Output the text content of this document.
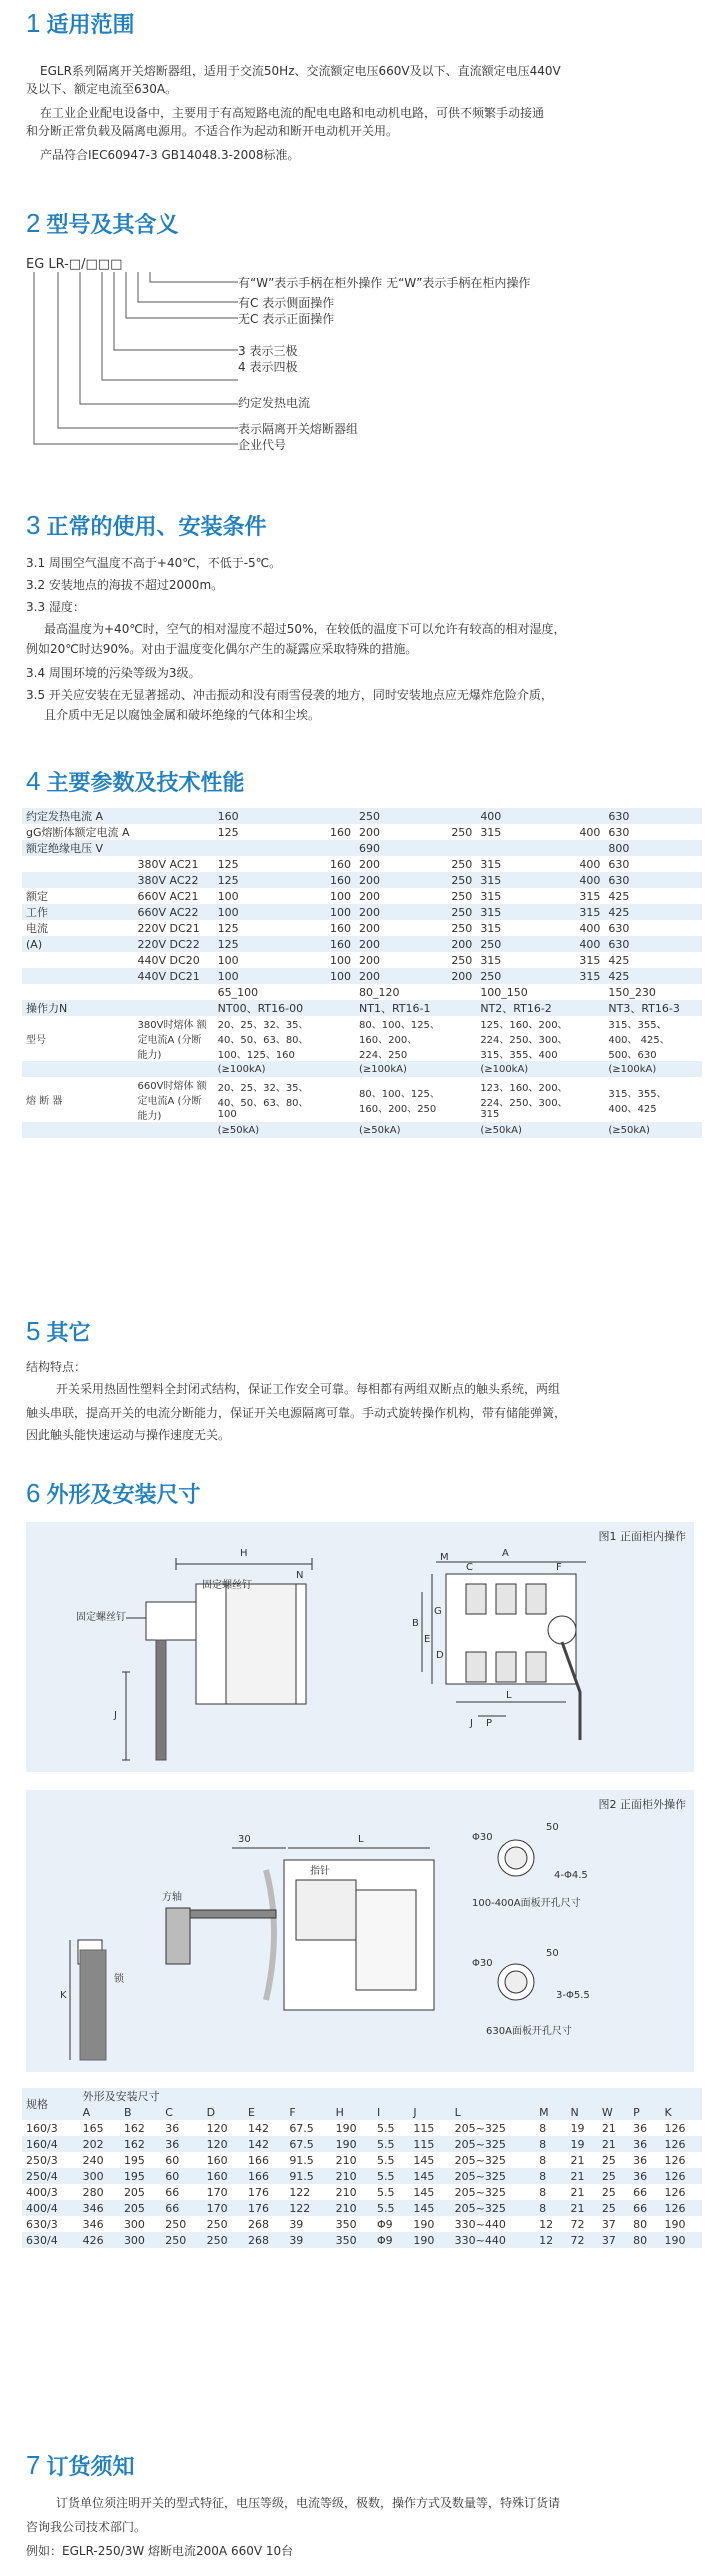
1 适用范围
EGLR系列隔离开关熔断器组，适用于交流50Hz、交流额定电压660V及以下、直流额定电压440V
及以下、额定电流至630A。
在工业企业配电设备中，主要用于有高短路电流的配电电路和电动机电路，可供不频繁手动接通
和分断正常负载及隔离电源用。不适合作为起动和断开电动机开关用。
产品符合IEC60947-3 GB14048.3-2008标准。
2 型号及其含义
EG LR-□/□□□
有“W”表示手柄在柜外操作 无“W”表示手柄在柜内操作
有C 表示侧面操作
无C 表示正面操作
3 表示三极
4 表示四极
约定发热电流
表示隔离开关熔断器组
企业代号
3 正常的使用、安装条件
3.1 周围空气温度不高于+40℃，不低于-5℃。
3.2 安装地点的海拔不超过2000m。
3.3 湿度：
最高温度为+40℃时，空气的相对湿度不超过50%，在较低的温度下可以允许有较高的相对湿度，
例如20℃时达90%。对由于温度变化偶尔产生的凝露应采取特殊的措施。
3.4 周围环境的污染等级为3级。
3.5 开关应安装在无显著摇动、冲击振动和没有雨雪侵袭的地方，同时安装地点应无爆炸危险介质，
且介质中无足以腐蚀金属和破坏绝缘的气体和尘埃。
4 主要参数及技术性能
约定发热电流 A		160		250		400		630	
gG熔断体额定电流 A		125	160	200	250	315	400	630	
额定绝缘电压 V				690				800	
	380V AC21	125	160	200	250	315	400	630	
	380V AC22	125	160	200	250	315	400	630	
额定	660V AC21	100	100	200	250	315	315	425	
工作	660V AC22	100	100	200	250	315	315	425	
电流	220V DC21	125	160	200	250	315	400	630	
(A)	220V DC22	125	160	200	200	250	400	630	
	440V DC20	100	100	200	250	315	315	425	
	440V DC21	100	100	200	200	250	315	425	
		65_100		80_120		100_150		150_230	
操作力N		NT00、RT16-00		NT1、RT16-1		NT2、RT16-2		NT3、RT16-3	
型号	380V时熔体 额定电流A (分断能力)	20、25、32、35、 40、50、63、80、 100、125、160		80、100、125、 160、200、 224、250		125、160、200、 224、250、300、 315、355、400		315、355、400、 425、500、630	
		(≥100kA)		(≥100kA)		(≥100kA)		(≥100kA)	
熔 断 器	660V时熔体 额定电流A (分断能力)	20、25、32、35、 40、50、63、80、 100		80、100、125、 160、200、250		123、160、200、 224、250、300、 315		315、355、 400、425	
		(≥50kA)		(≥50kA)		(≥50kA)		(≥50kA)	
5 其它
结构特点：
开关采用热固性塑料全封闭式结构，保证工作安全可靠。每相都有两组双断点的触头系统，两组
触头串联，提高开关的电流分断能力，保证开关电源隔离可靠。手动式旋转操作机构，带有储能弹簧，
因此触头能快速运动与操作速度无关。
6 外形及安装尺寸
图1 正面柜内操作
H
N
固定螺丝钉
固定螺丝钉
J
M	A
C	F
B
E
G
D
L
P
J
图2 正面柜外操作
30	L
指针
方轴
锁
K
Φ30
50
4-Φ4.5
100-400A面板开孔尺寸
Φ30
50
3-Φ5.5
630A面板开孔尺寸
规格	外形及安装尺寸														
	A	B	C	D	E	F	H	I	J	L	M	N	W	P	K
160/3	165	162	36	120	142	67.5	190	5.5	115	205~325	8	19	21	36	126
160/4	202	162	36	120	142	67.5	190	5.5	115	205~325	8	19	21	36	126
250/3	240	195	60	160	166	91.5	210	5.5	145	205~325	8	21	25	36	126
250/4	300	195	60	160	166	91.5	210	5.5	145	205~325	8	21	25	36	126
400/3	280	205	66	170	176	122	210	5.5	145	205~325	8	21	25	66	126
400/4	346	205	66	170	176	122	210	5.5	145	205~325	8	21	25	66	126
630/3	346	300	250	250	268	39	350	Φ9	190	330~440	12	72	37	80	190
630/4	426	300	250	250	268	39	350	Φ9	190	330~440	12	72	37	80	190
7 订货须知
订货单位须注明开关的型式特征，电压等级，电流等级，极数，操作方式及数量等，特殊订货请
咨询我公司技术部门。
例如：EGLR-250/3W 熔断电流200A 660V 10台
